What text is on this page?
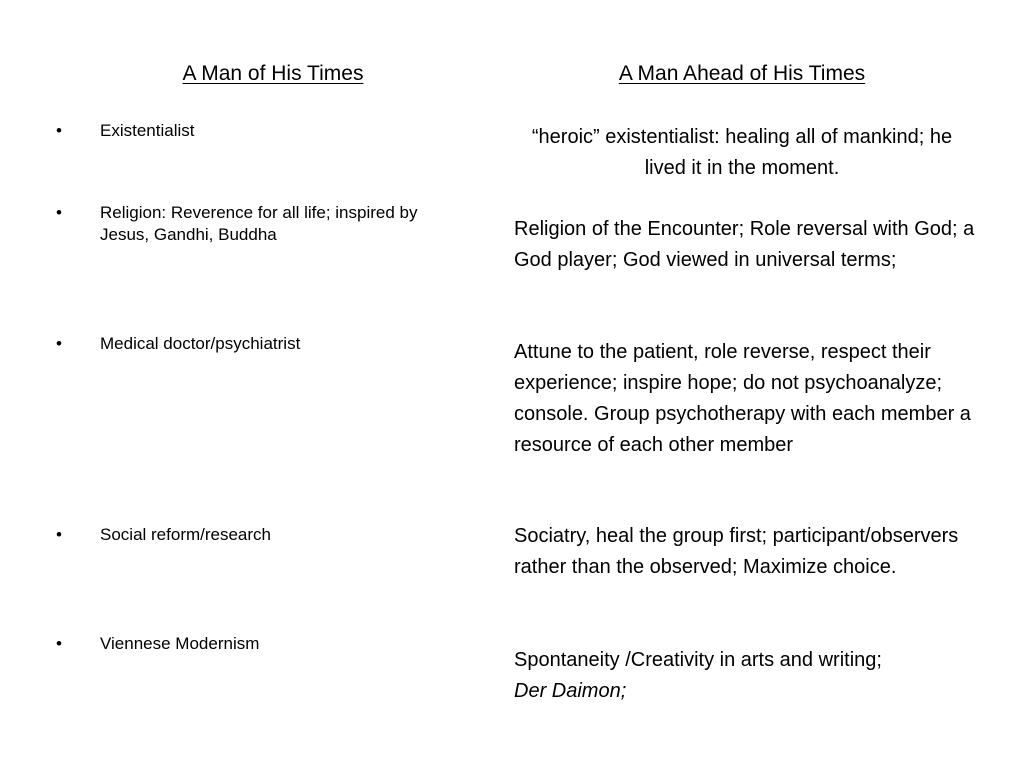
A Man of His Times	A Man Ahead of His Times
• Existentialist
• Religion: Reverence for all life; inspired by Jesus, Gandhi, Buddha
• Medical doctor/psychiatrist
• Social reform/research
• Viennese Modernism
“heroic” existentialist: healing all of mankind; he lived it in the moment.
Religion of the Encounter; Role reversal with God; a God player; God viewed in universal terms;
Attune to the patient, role reverse, respect their experience; inspire hope; do not psychoanalyze; console. Group psychotherapy with each member a resource of each other member
Sociatry, heal the group first; participant/observers rather than the observed; Maximize choice.
Spontaneity /Creativity in arts and writing;
Der Daimon;
